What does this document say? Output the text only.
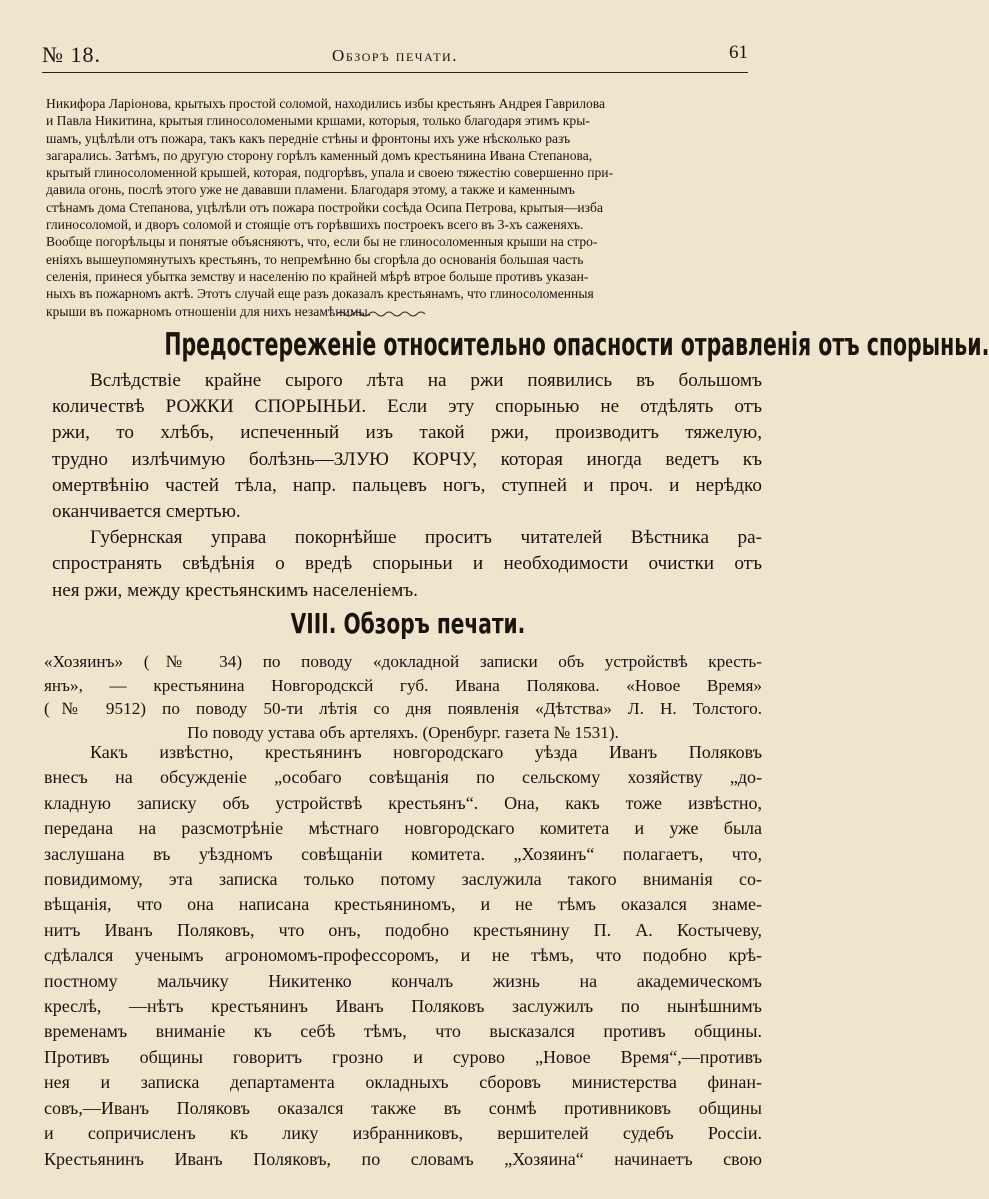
№ 18.	Обзоръ печати.	61
Никифора Ларіонова, крытыхъ простой соломой, находились избы крестьянъ Андрея Гаврилова
и Павла Никитина, крытыя глиносоломеными кршами, которыя, только благодаря этимъ кры-
шамъ, уцѣлѣли отъ пожара, такъ какъ передніе стѣны и фронтоны ихъ уже нѣсколько разъ
загарались. Затѣмъ, по другую сторону горѣлъ каменный домъ крестьянина Ивана Степанова,
крытый глиносоломенной крышей, которая, подгорѣвъ, упала и своею тяжестію совершенно при-
давила огонь, послѣ этого уже не дававши пламени. Благодаря этому, а также и каменнымъ
стѣнамъ дома Степанова, уцѣлѣли отъ пожара постройки сосѣда Осипа Петрова, крытыя—изба
глиносоломой, и дворъ соломой и стоящіе отъ горѣвшихъ построекъ всего въ 3-хъ саженяхъ.
Вообще погорѣльцы и понятые объясняютъ, что, если бы не глиносоломенныя крыши на стро-
еніяхъ вышеупомянутыхъ крестьянъ, то непремѣнно бы сгорѣла до основанія большая часть
селенія, принеся убытка земству и населенію по крайней мѣрѣ втрое больше противъ указан-
ныхъ въ пожарномъ актѣ. Этотъ случай еще разъ доказалъ крестьянамъ, что глиносоломенныя
крыши въ пожарномъ отношеніи для нихъ незамѣнимы.
Предостереженіе относительно опасности отравленія отъ спорыньи.
Вслѣдствіе крайне сырого лѣта на ржи появились въ большомъ
количествѣ РОЖКИ СПОРЫНЬИ. Если эту спорынью не отдѣлять отъ
ржи, то хлѣбъ, испеченный изъ такой ржи, производитъ тяжелую,
трудно излѣчимую болѣзнь—ЗЛУЮ КОРЧУ, которая иногда ведетъ къ
омертвѣнію частей тѣла, напр. пальцевъ ногъ, ступней и проч. и нерѣдко
оканчивается смертью.
Губернская управа покорнѣйше проситъ читателей Вѣстника ра-
спространять свѣдѣнія о вредѣ спорыньи и необходимости очистки отъ
нея ржи, между крестьянскимъ населеніемъ.
VIII. Обзоръ печати.
«Хозяинъ» (№ 34) по поводу «докладной записки объ устройствѣ кресть-
янъ», — крестьянина Новгородсксй губ. Ивана Полякова. «Новое Время»
(№ 9512) по поводу 50-ти лѣтія со дня появленія «Дѣтства» Л. Н. Толстого.
По поводу устава объ артеляхъ. (Оренбург. газета № 1531).
Какъ извѣстно, крестьянинъ новгородскаго уѣзда Иванъ Поляковъ
внесъ на обсужденіе „особаго совѣщанія по сельскому хозяйству „до-
кладную записку объ устройствѣ крестьянъ“. Она, какъ тоже извѣстно,
передана на разсмотрѣніе мѣстнаго новгородскаго комитета и уже была
заслушана въ уѣздномъ совѣщаніи комитета. „Хозяинъ“ полагаетъ, что,
повидимому, эта записка только потому заслужила такого вниманія со-
вѣщанія, что она написана крестьяниномъ, и не тѣмъ оказался знаме-
нитъ Иванъ Поляковъ, что онъ, подобно крестьянину П. А. Костычеву,
сдѣлался ученымъ агрономомъ-профессоромъ, и не тѣмъ, что подобно крѣ-
постному мальчику Никитенко кончалъ жизнь на академическомъ
креслѣ, —нѣтъ крестьянинъ Иванъ Поляковъ заслужилъ по нынѣшнимъ
временамъ вниманіе къ себѣ тѣмъ, что высказался противъ общины.
Противъ общины говоритъ грозно и сурово „Новое Время“,—противъ
нея и записка департамента окладныхъ сборовъ министерства финан-
совъ,—Иванъ Поляковъ оказался также въ сонмѣ противниковъ общины
и сопричисленъ къ лику избранниковъ, вершителей судебъ Россіи.
Крестьянинъ Иванъ Поляковъ, по словамъ „Хозяина“ начинаетъ свою
